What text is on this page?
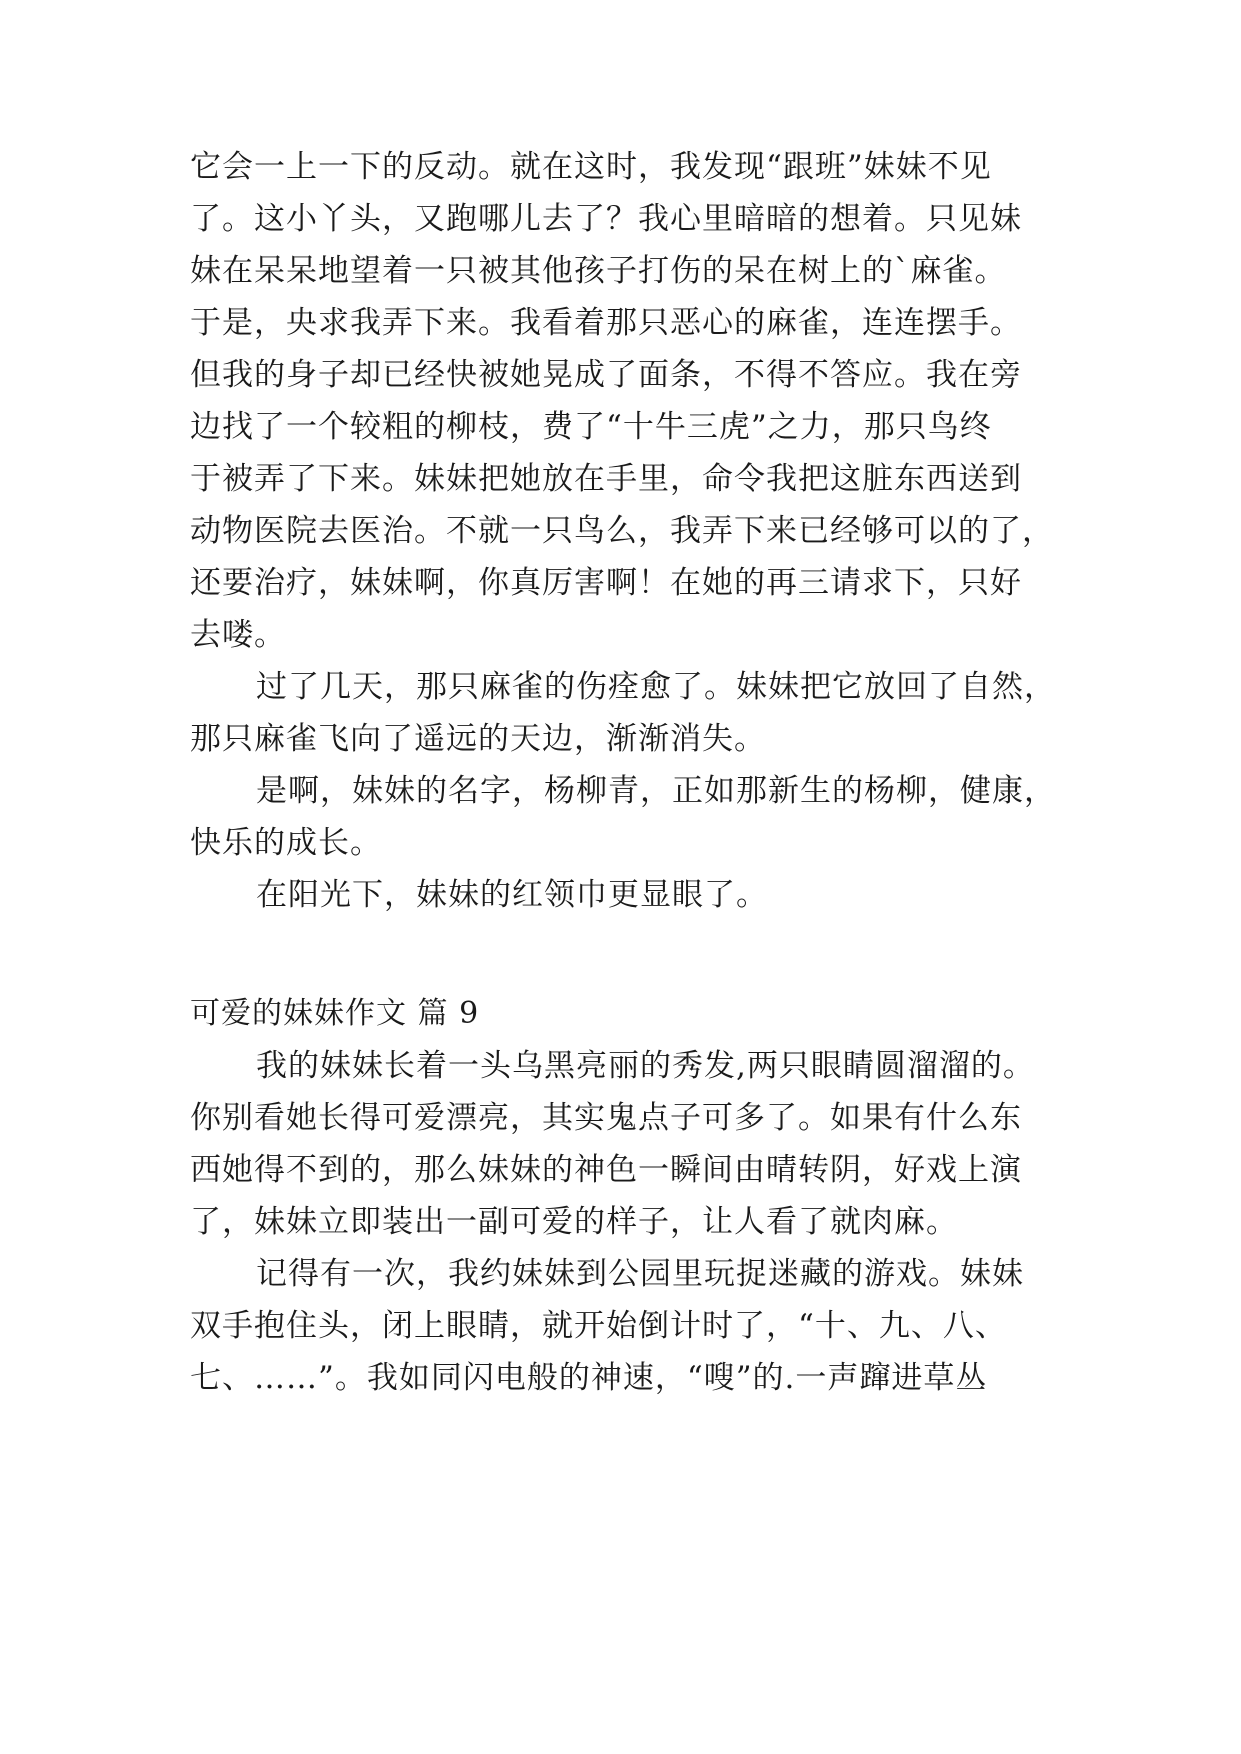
它会一上一下的反动。就在这时，我发现“跟班”妹妹不见
了。这小丫头，又跑哪儿去了？我心里暗暗的想着。只见妹
妹在呆呆地望着一只被其他孩子打伤的呆在树上的`麻雀。
于是，央求我弄下来。我看着那只恶心的麻雀，连连摆手。
但我的身子却已经快被她晃成了面条，不得不答应。我在旁
边找了一个较粗的柳枝，费了“十牛三虎”之力，那只鸟终
于被弄了下来。妹妹把她放在手里，命令我把这脏东西送到
动物医院去医治。不就一只鸟么，我弄下来已经够可以的了，
还要治疗，妹妹啊，你真厉害啊！在她的再三请求下，只好
去喽。
过了几天，那只麻雀的伤痊愈了。妹妹把它放回了自然，
那只麻雀飞向了遥远的天边，渐渐消失。
是啊，妹妹的名字，杨柳青，正如那新生的杨柳，健康，
快乐的成长。
在阳光下，妹妹的红领巾更显眼了。
可爱的妹妹作文 篇 9
我的妹妹长着一头乌黑亮丽的秀发,两只眼睛圆溜溜的。
你别看她长得可爱漂亮，其实鬼点子可多了。如果有什么东
西她得不到的，那么妹妹的神色一瞬间由晴转阴，好戏上演
了，妹妹立即装出一副可爱的样子，让人看了就肉麻。
记得有一次，我约妹妹到公园里玩捉迷藏的游戏。妹妹
双手抱住头，闭上眼睛，就开始倒计时了，“十、九、八、
七、……”。我如同闪电般的神速，“嗖”的.一声蹿进草丛
